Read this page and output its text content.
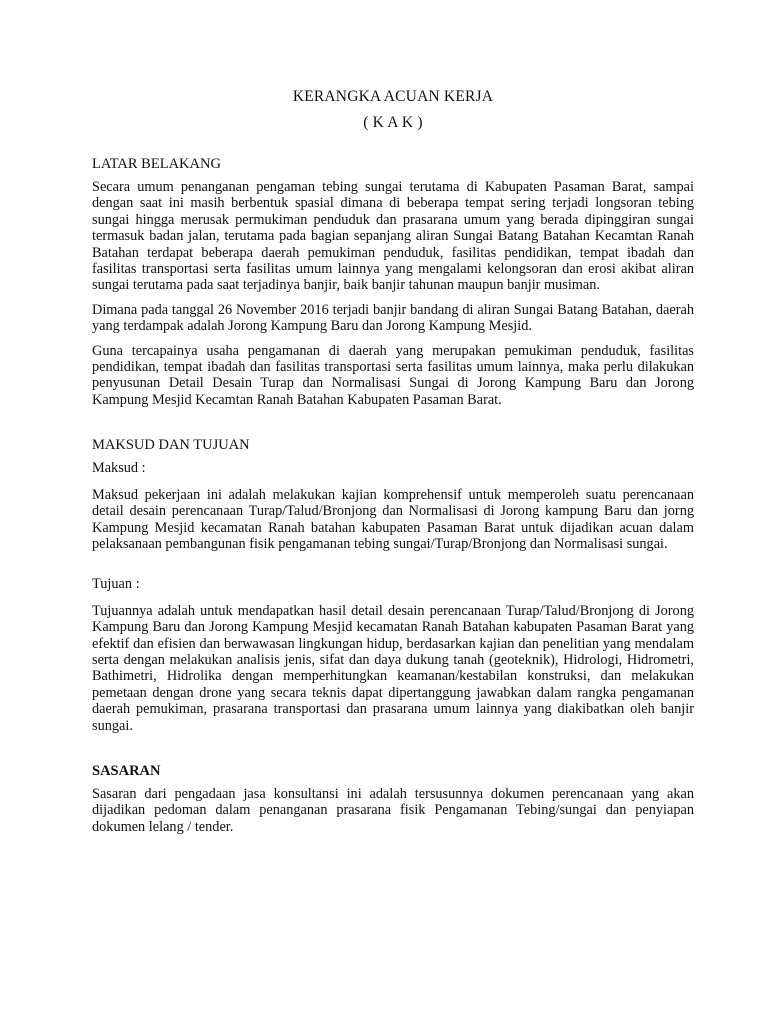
KERANGKA ACUAN KERJA

( K A K )

LATAR BELAKANG

Secara umum penanganan pengaman tebing sungai terutama di Kabupaten Pasaman Barat, sampai dengan saat ini masih berbentuk spasial dimana di beberapa tempat sering terjadi longsoran tebing sungai hingga merusak permukiman penduduk dan prasarana umum yang berada dipinggiran sungai termasuk badan jalan, terutama pada bagian sepanjang aliran Sungai Batang Batahan Kecamtan Ranah Batahan terdapat beberapa daerah pemukiman penduduk, fasilitas pendidikan, tempat ibadah dan fasilitas transportasi serta fasilitas umum lainnya yang mengalami kelongsoran dan erosi akibat aliran sungai terutama pada saat terjadinya banjir, baik banjir tahunan maupun banjir musiman.

Dimana pada tanggal 26 November 2016 terjadi banjir bandang di aliran Sungai Batang Batahan, daerah yang terdampak adalah Jorong Kampung Baru dan Jorong Kampung Mesjid.

Guna tercapainya usaha pengamanan di daerah yang merupakan pemukiman penduduk, fasilitas pendidikan, tempat ibadah dan fasilitas transportasi serta fasilitas umum lainnya, maka perlu dilakukan penyusunan Detail Desain Turap dan Normalisasi Sungai di Jorong Kampung Baru dan Jorong Kampung Mesjid Kecamtan Ranah Batahan Kabupaten Pasaman Barat.

MAKSUD DAN TUJUAN

Maksud :

Maksud pekerjaan ini adalah melakukan kajian komprehensif untuk memperoleh suatu perencanaan detail desain perencanaan Turap/Talud/Bronjong dan Normalisasi di Jorong kampung Baru dan jorng Kampung Mesjid kecamatan Ranah batahan kabupaten Pasaman Barat untuk dijadikan acuan dalam pelaksanaan pembangunan fisik pengamanan tebing sungai/Turap/Bronjong dan Normalisasi sungai.

Tujuan :

Tujuannya adalah untuk mendapatkan hasil detail desain perencanaan Turap/Talud/Bronjong di Jorong Kampung Baru dan Jorong Kampung Mesjid kecamatan Ranah Batahan kabupaten Pasaman Barat yang efektif dan efisien dan berwawasan lingkungan hidup, berdasarkan kajian dan penelitian yang mendalam serta dengan melakukan analisis jenis, sifat dan daya dukung tanah (geoteknik), Hidrologi, Hidrometri, Bathimetri, Hidrolika dengan memperhitungkan keamanan/kestabilan konstruksi, dan melakukan pemetaan dengan drone yang secara teknis dapat dipertanggung jawabkan dalam rangka pengamanan daerah pemukiman, prasarana transportasi dan prasarana umum lainnya yang diakibatkan oleh banjir sungai.

SASARAN

Sasaran dari pengadaan jasa konsultansi ini adalah tersusunnya dokumen perencanaan yang akan dijadikan pedoman dalam penanganan prasarana fisik Pengamanan Tebing/sungai dan penyiapan dokumen lelang / tender.
